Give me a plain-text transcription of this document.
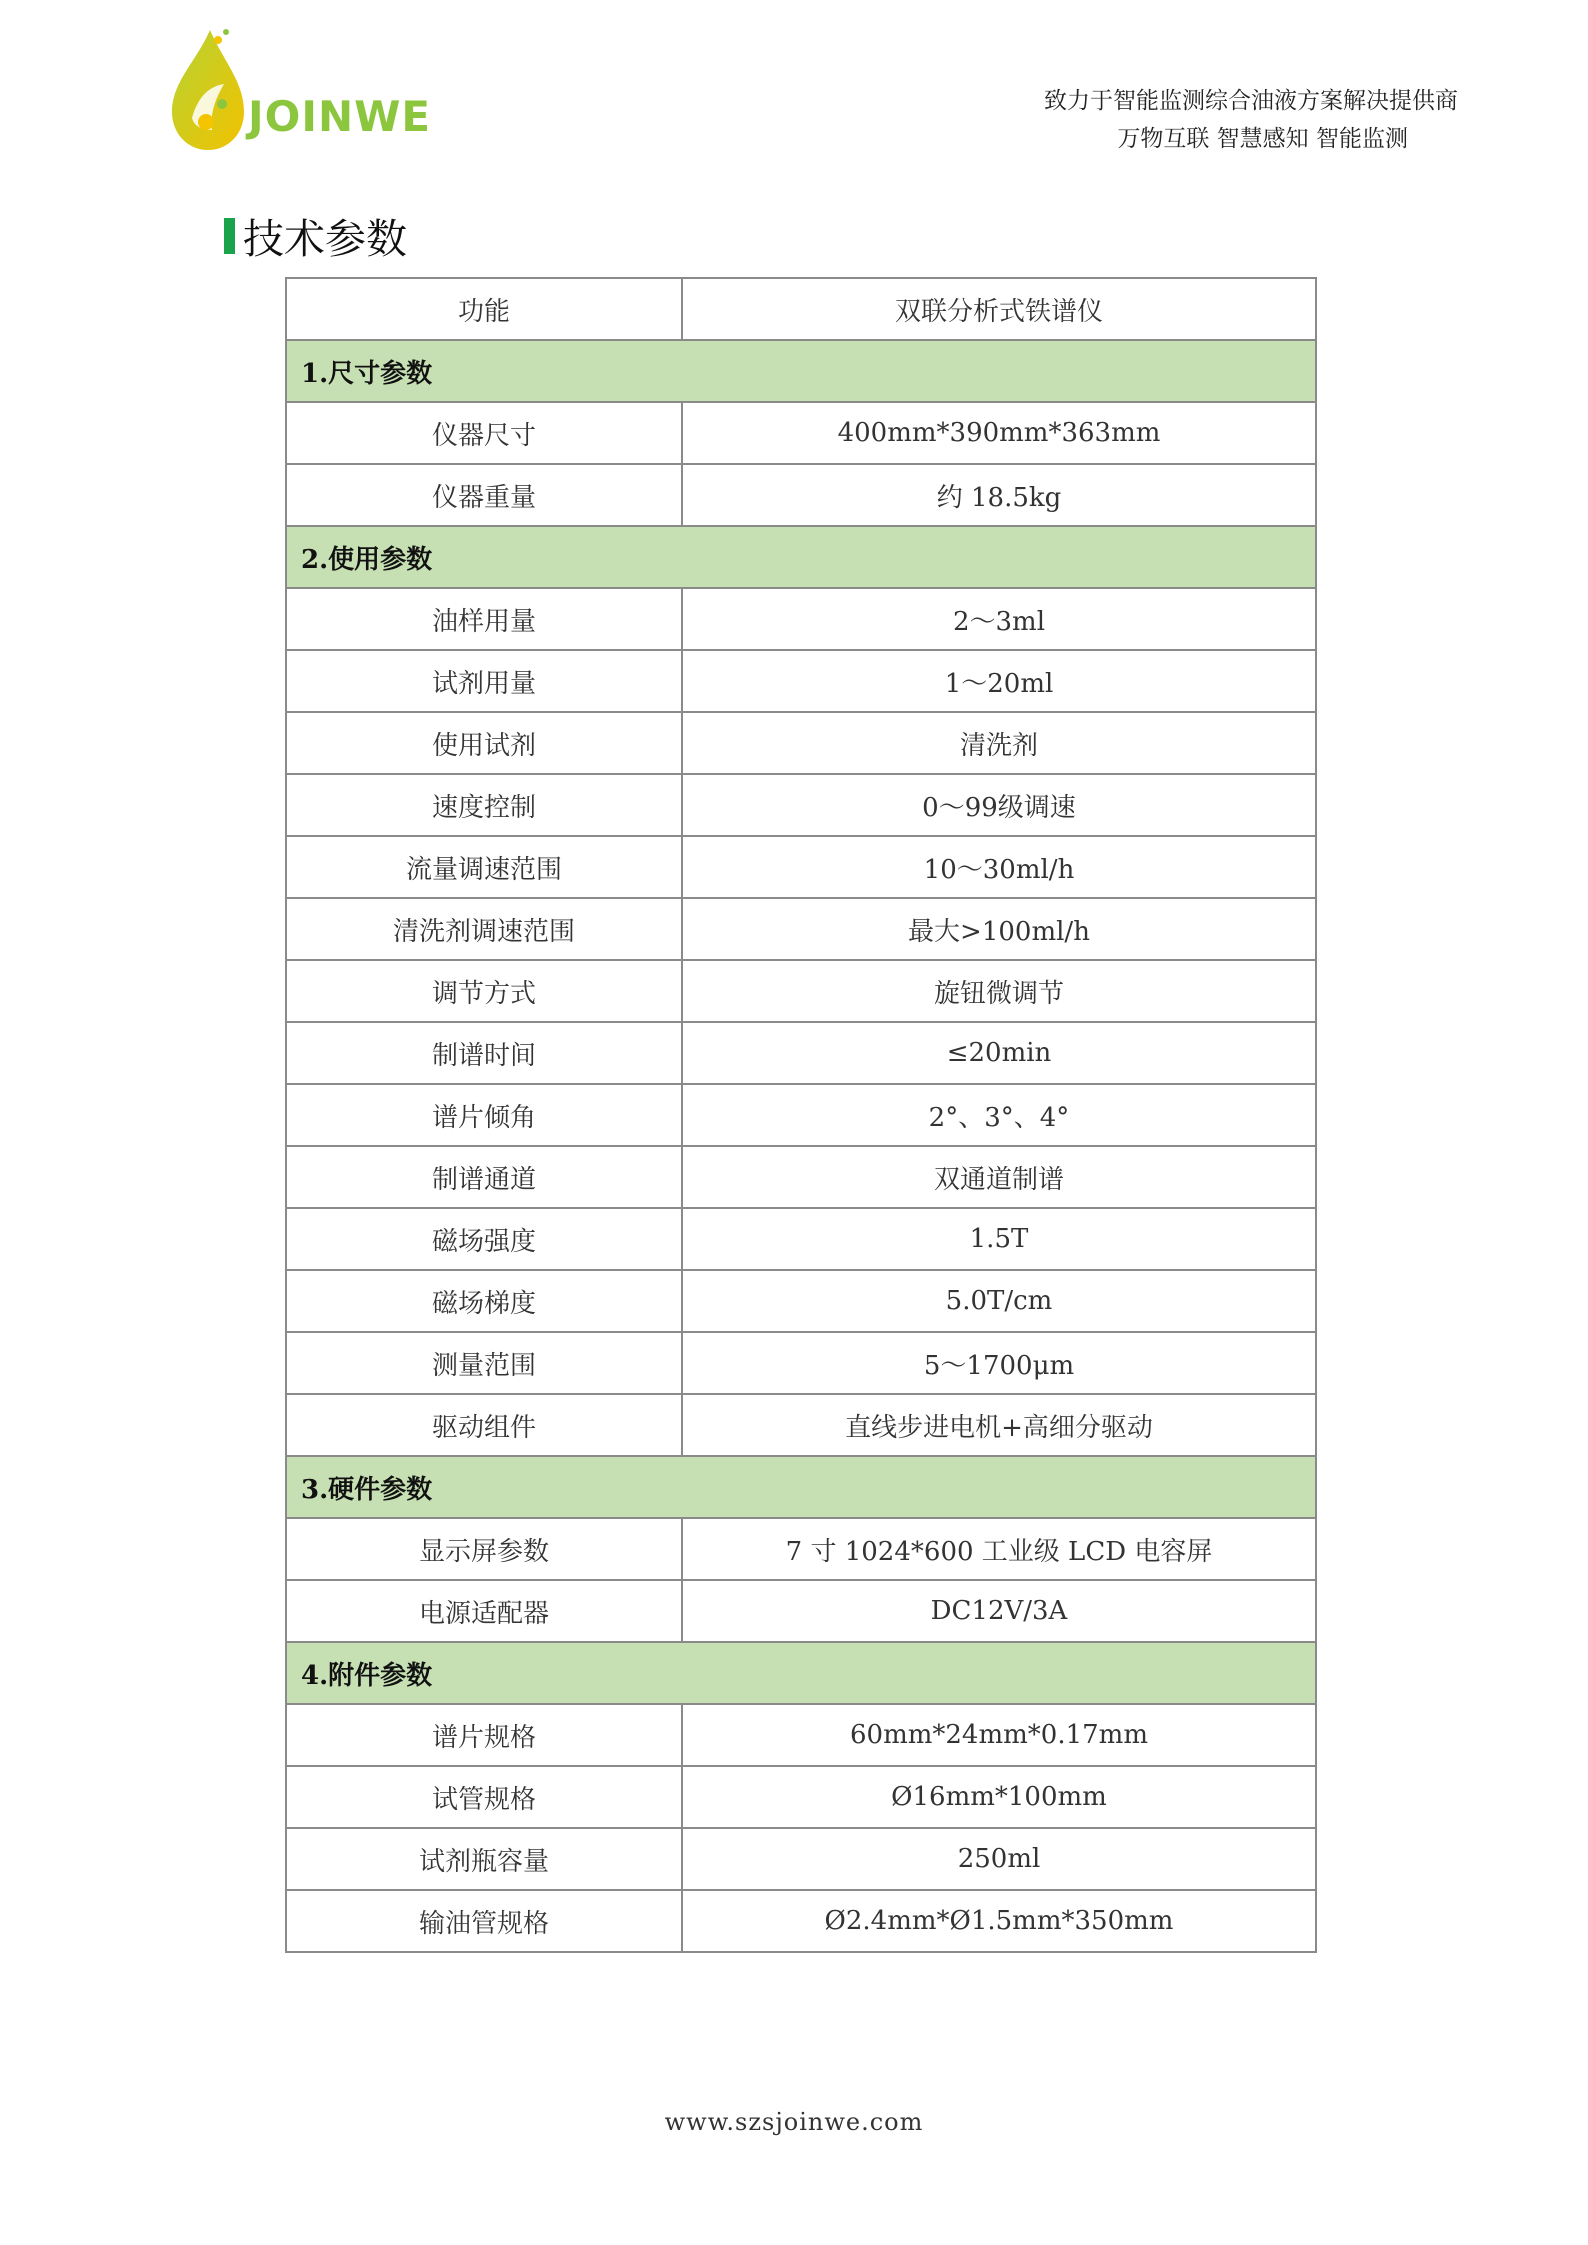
JOINWE	致力于智能监测综合油液方案解决提供商
万物互联 智慧感知 智能监测
技术参数
功能	双联分析式铁谱仪
1.尺寸参数	
仪器尺寸	400mm*390mm*363mm
仪器重量	约 18.5kg
2.使用参数	
油样用量	2～3ml
试剂用量	1～20ml
使用试剂	清洗剂
速度控制	0～99级调速
流量调速范围	10～30ml/h
清洗剂调速范围	最大>100ml/h
调节方式	旋钮微调节
制谱时间	≤20min
谱片倾角	2°、3°、4°
制谱通道	双通道制谱
磁场强度	1.5T
磁场梯度	5.0T/cm
测量范围	5～1700μm
驱动组件	直线步进电机+高细分驱动
3.硬件参数	
显示屏参数	7 寸 1024*600 工业级 LCD 电容屏
电源适配器	DC12V/3A
4.附件参数	
谱片规格	60mm*24mm*0.17mm
试管规格	Ø16mm*100mm
试剂瓶容量	250ml
输油管规格	Ø2.4mm*Ø1.5mm*350mm
www.szsjoinwe.com
